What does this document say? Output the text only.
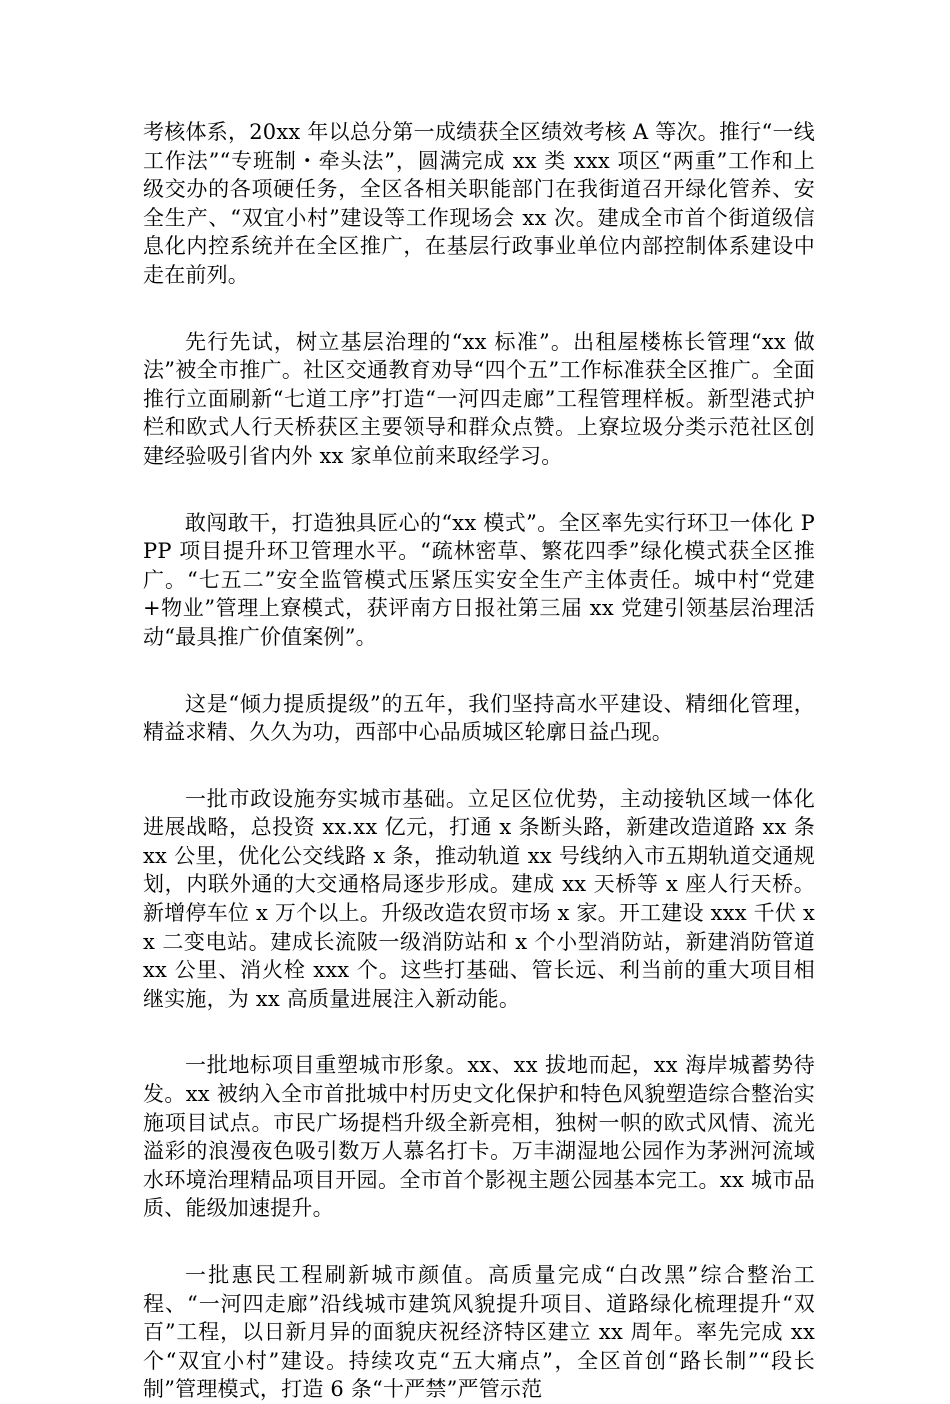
考核体系，20xx 年以总分第一成绩获全区绩效考核 A 等次。推行“一线工作法”“专班制・牵头法”，圆满完成 xx 类 xxx 项区“两重”工作和上级交办的各项硬任务，全区各相关职能部门在我街道召开绿化管养、安全生产、“双宜小村”建设等工作现场会 xx 次。建成全市首个街道级信息化内控系统并在全区推广，在基层行政事业单位内部控制体系建设中走在前列。

先行先试，树立基层治理的“xx 标准”。出租屋楼栋长管理“xx 做法”被全市推广。社区交通教育劝导“四个五”工作标准获全区推广。全面推行立面刷新“七道工序”打造“一河四走廊”工程管理样板。新型港式护栏和欧式人行天桥获区主要领导和群众点赞。上寮垃圾分类示范社区创建经验吸引省内外 xx 家单位前来取经学习。

敢闯敢干，打造独具匠心的“xx 模式”。全区率先实行环卫一体化 PPP 项目提升环卫管理水平。“疏林密草、繁花四季”绿化模式获全区推广。“七五二”安全监管模式压紧压实安全生产主体责任。城中村“党建+物业”管理上寮模式，获评南方日报社第三届 xx 党建引领基层治理活动“最具推广价值案例”。

这是“倾力提质提级”的五年，我们坚持高水平建设、精细化管理，精益求精、久久为功，西部中心品质城区轮廓日益凸现。

一批市政设施夯实城市基础。立足区位优势，主动接轨区域一体化进展战略，总投资 xx.xx 亿元，打通 x 条断头路，新建改造道路 xx 条 xx 公里，优化公交线路 x 条，推动轨道 xx 号线纳入市五期轨道交通规划，内联外通的大交通格局逐步形成。建成 xx 天桥等 x 座人行天桥。新增停车位 x 万个以上。升级改造农贸市场 x 家。开工建设 xxx 千伏 xx 二变电站。建成长流陂一级消防站和 x 个小型消防站，新建消防管道 xx 公里、消火栓 xxx 个。这些打基础、管长远、利当前的重大项目相继实施，为 xx 高质量进展注入新动能。

一批地标项目重塑城市形象。xx、xx 拔地而起，xx 海岸城蓄势待发。xx 被纳入全市首批城中村历史文化保护和特色风貌塑造综合整治实施项目试点。市民广场提档升级全新亮相，独树一帜的欧式风情、流光溢彩的浪漫夜色吸引数万人慕名打卡。万丰湖湿地公园作为茅洲河流域水环境治理精品项目开园。全市首个影视主题公园基本完工。xx 城市品质、能级加速提升。

一批惠民工程刷新城市颜值。高质量完成“白改黑”综合整治工程、“一河四走廊”沿线城市建筑风貌提升项目、道路绿化梳理提升“双百”工程，以日新月异的面貌庆祝经济特区建立 xx 周年。率先完成 xx 个“双宜小村”建设。持续攻克“五大痛点”，全区首创“路长制”“段长制”管理模式，打造 6 条“十严禁”严管示范
